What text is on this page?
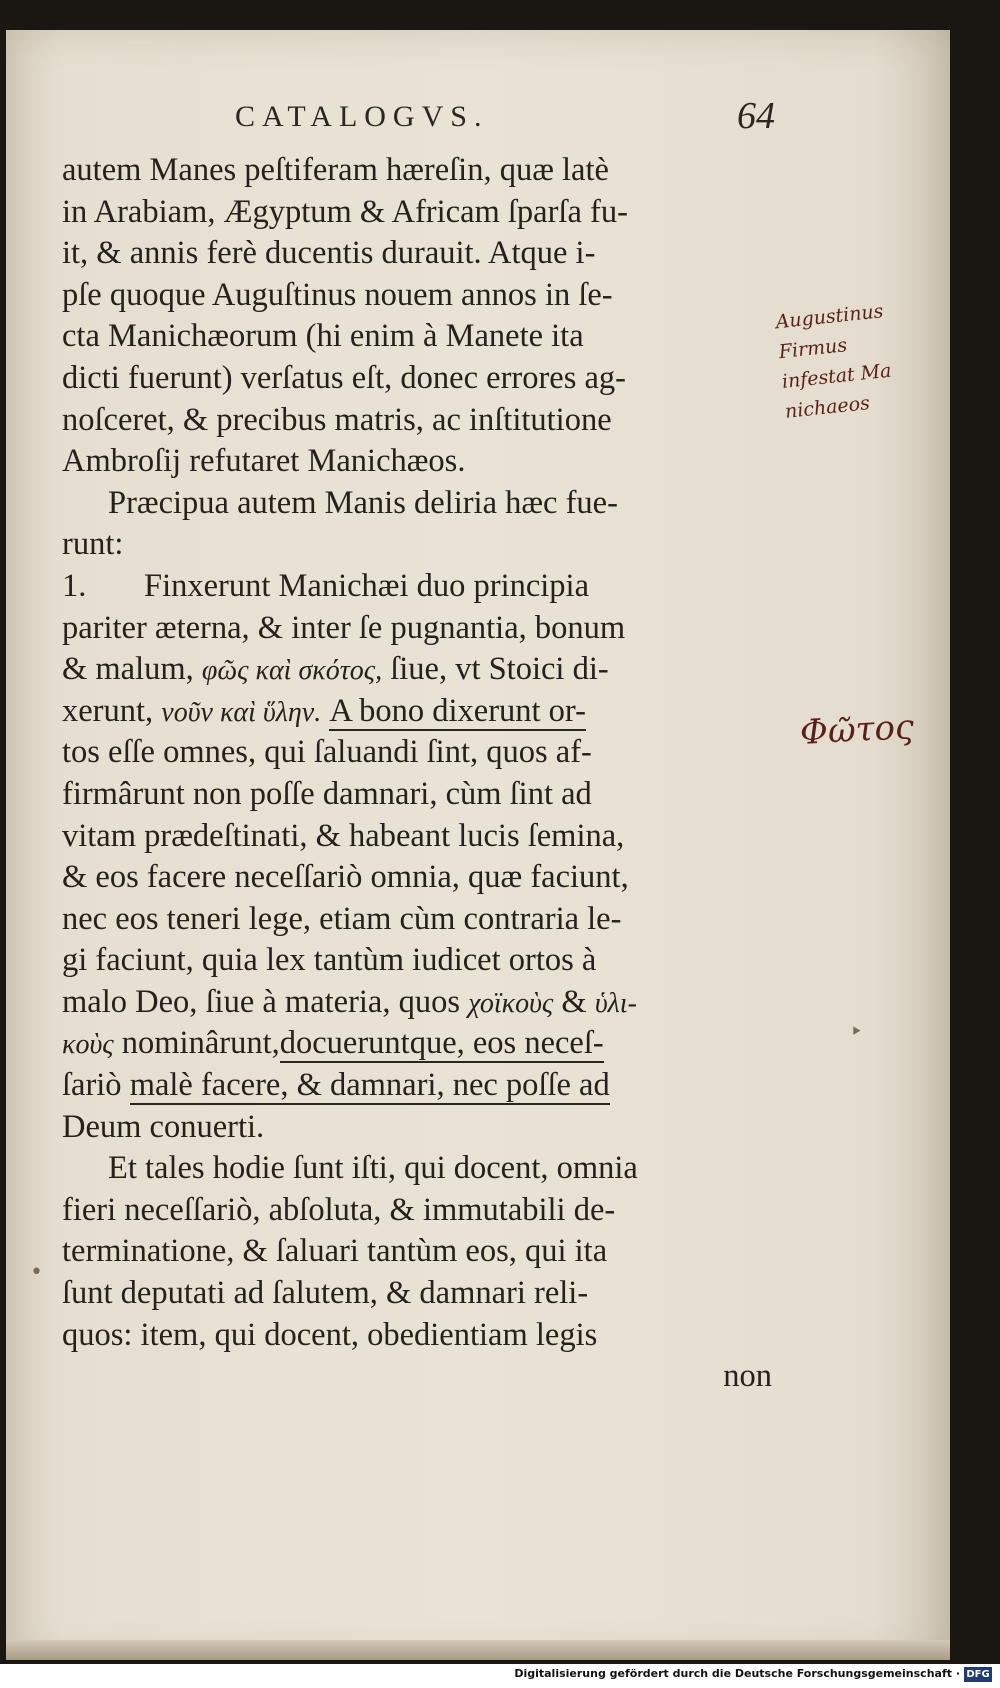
CATALOGVS.	64
autem Manes peſtiferam hæreſin, quæ latè
in Arabiam, Ægyptum & Africam ſparſa fu-
it, & annis ferè ducentis durauit. Atque i-
pſe quoque Auguſtinus nouem annos in ſe-
cta Manichæorum (hi enim à Manete ita
dicti fuerunt) verſatus eſt, donec errores ag-
noſceret, & precibus matris, ac inſtitutione
Ambroſij refutaret Manichæos.
Præcipua autem Manis deliria hæc fue-
runt:
1. Finxerunt Manichæi duo principia
pariter æterna, & inter ſe pugnantia, bonum
& malum, φῶς καὶ σκότος, ſiue, vt Stoici di-
xerunt, νοῦν καὶ ὕλην. A bono dixerunt or-
tos eſſe omnes, qui ſaluandi ſint, quos af-
firmârunt non poſſe damnari, cùm ſint ad
vitam prædeſtinati, & habeant lucis ſemina,
& eos facere neceſſariò omnia, quæ faciunt,
nec eos teneri lege, etiam cùm contraria le-
gi faciunt, quia lex tantùm iudicet ortos à
malo Deo, ſiue à materia, quos χοϊκοὺς & ὑλι-
κοὺς nominârunt,docueruntque, eos neceſ-
ſariò malè facere, & damnari, nec poſſe ad
Deum conuerti.
Et tales hodie ſunt iſti, qui docent, omnia
fieri neceſſariò, abſoluta, & immutabili de-
terminatione, & ſaluari tantùm eos, qui ita
ſunt deputati ad ſalutem, & damnari reli-
quos: item, qui docent, obedientiam legis
non
Augustinus Firmus
infestat Ma
nichaeos
Φῶτος
•
‣
Digitalisierung gefördert durch die Deutsche Forschungsgemeinschaft · DFG
